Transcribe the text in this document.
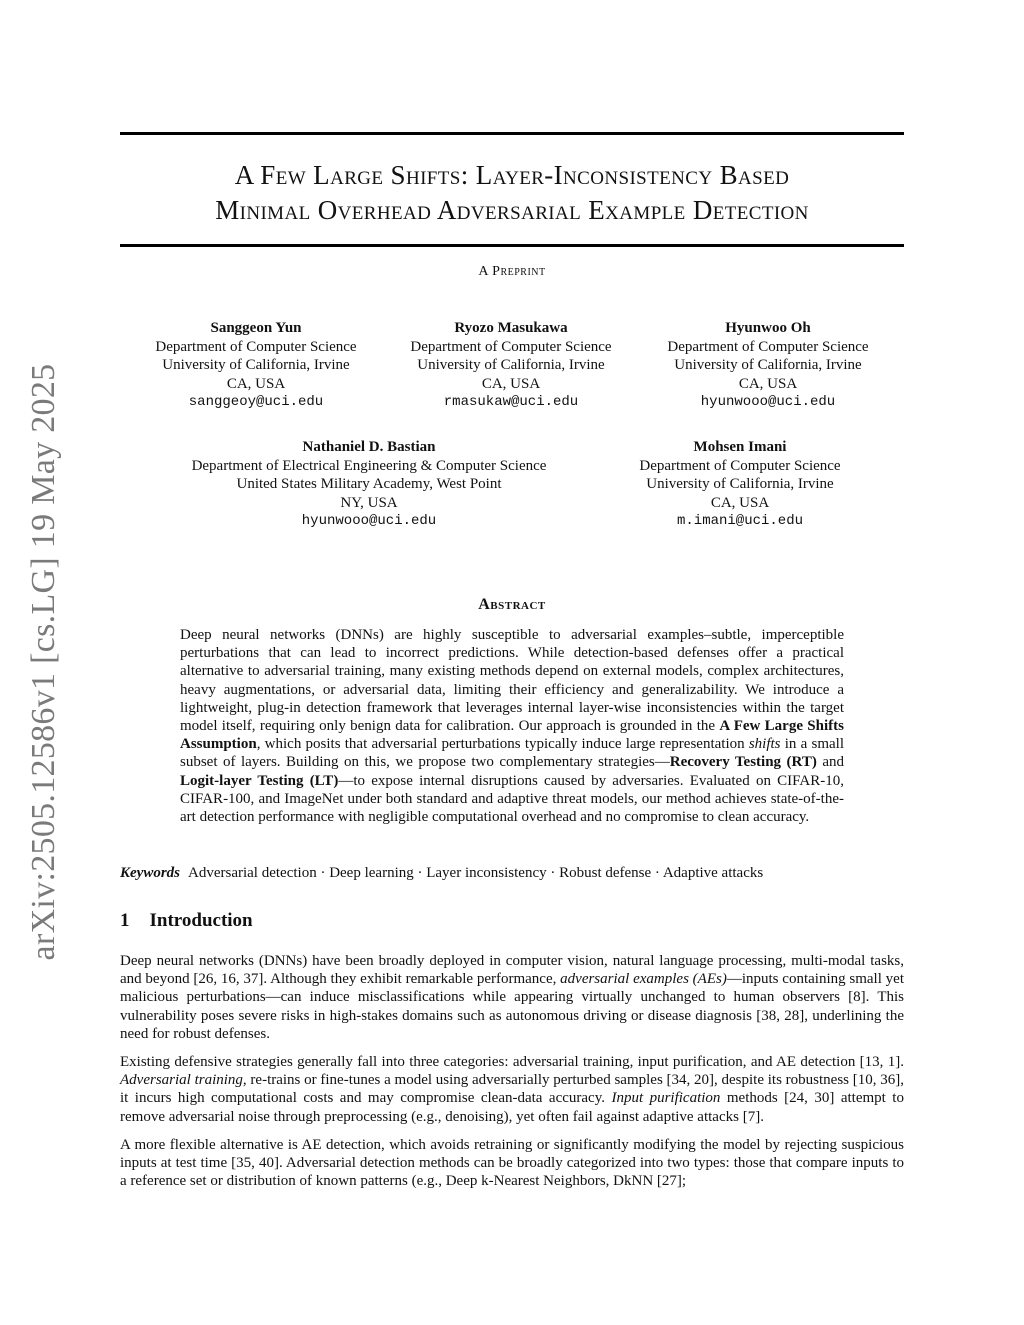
arXiv:2505.12586v1 [cs.LG] 19 May 2025
A Few Large Shifts: Layer-Inconsistency Based
Minimal Overhead Adversarial Example Detection
A Preprint
Sanggeon Yun
Department of Computer Science
University of California, Irvine
CA, USA
sanggeoy@uci.edu
Ryozo Masukawa
Department of Computer Science
University of California, Irvine
CA, USA
rmasukaw@uci.edu
Hyunwoo Oh
Department of Computer Science
University of California, Irvine
CA, USA
hyunwooo@uci.edu
Nathaniel D. Bastian
Department of Electrical Engineering & Computer Science
United States Military Academy, West Point
NY, USA
hyunwooo@uci.edu
Mohsen Imani
Department of Computer Science
University of California, Irvine
CA, USA
m.imani@uci.edu
Abstract
Deep neural networks (DNNs) are highly susceptible to adversarial examples–subtle, imperceptible perturbations that can lead to incorrect predictions. While detection-based defenses offer a practical alternative to adversarial training, many existing methods depend on external models, complex architectures, heavy augmentations, or adversarial data, limiting their efficiency and generalizability. We introduce a lightweight, plug-in detection framework that leverages internal layer-wise inconsistencies within the target model itself, requiring only benign data for calibration. Our approach is grounded in the A Few Large Shifts Assumption, which posits that adversarial perturbations typically induce large representation shifts in a small subset of layers. Building on this, we propose two complementary strategies—Recovery Testing (RT) and Logit-layer Testing (LT)—to expose internal disruptions caused by adversaries. Evaluated on CIFAR-10, CIFAR-100, and ImageNet under both standard and adaptive threat models, our method achieves state-of-the-art detection performance with negligible computational overhead and no compromise to clean accuracy.
Keywords Adversarial detection · Deep learning · Layer inconsistency · Robust defense · Adaptive attacks
1 Introduction

Deep neural networks (DNNs) have been broadly deployed in computer vision, natural language processing, multi-modal tasks, and beyond [26, 16, 37]. Although they exhibit remarkable performance, adversarial examples (AEs)—inputs containing small yet malicious perturbations—can induce misclassifications while appearing virtually unchanged to human observers [8]. This vulnerability poses severe risks in high-stakes domains such as autonomous driving or disease diagnosis [38, 28], underlining the need for robust defenses.

Existing defensive strategies generally fall into three categories: adversarial training, input purification, and AE detection [13, 1]. Adversarial training, re-trains or fine-tunes a model using adversarially perturbed samples [34, 20], despite its robustness [10, 36], it incurs high computational costs and may compromise clean-data accuracy. Input purification methods [24, 30] attempt to remove adversarial noise through preprocessing (e.g., denoising), yet often fail against adaptive attacks [7].

A more flexible alternative is AE detection, which avoids retraining or significantly modifying the model by rejecting suspicious inputs at test time [35, 40]. Adversarial detection methods can be broadly categorized into two types: those that compare inputs to a reference set or distribution of known patterns (e.g., Deep k-Nearest Neighbors, DkNN [27];
